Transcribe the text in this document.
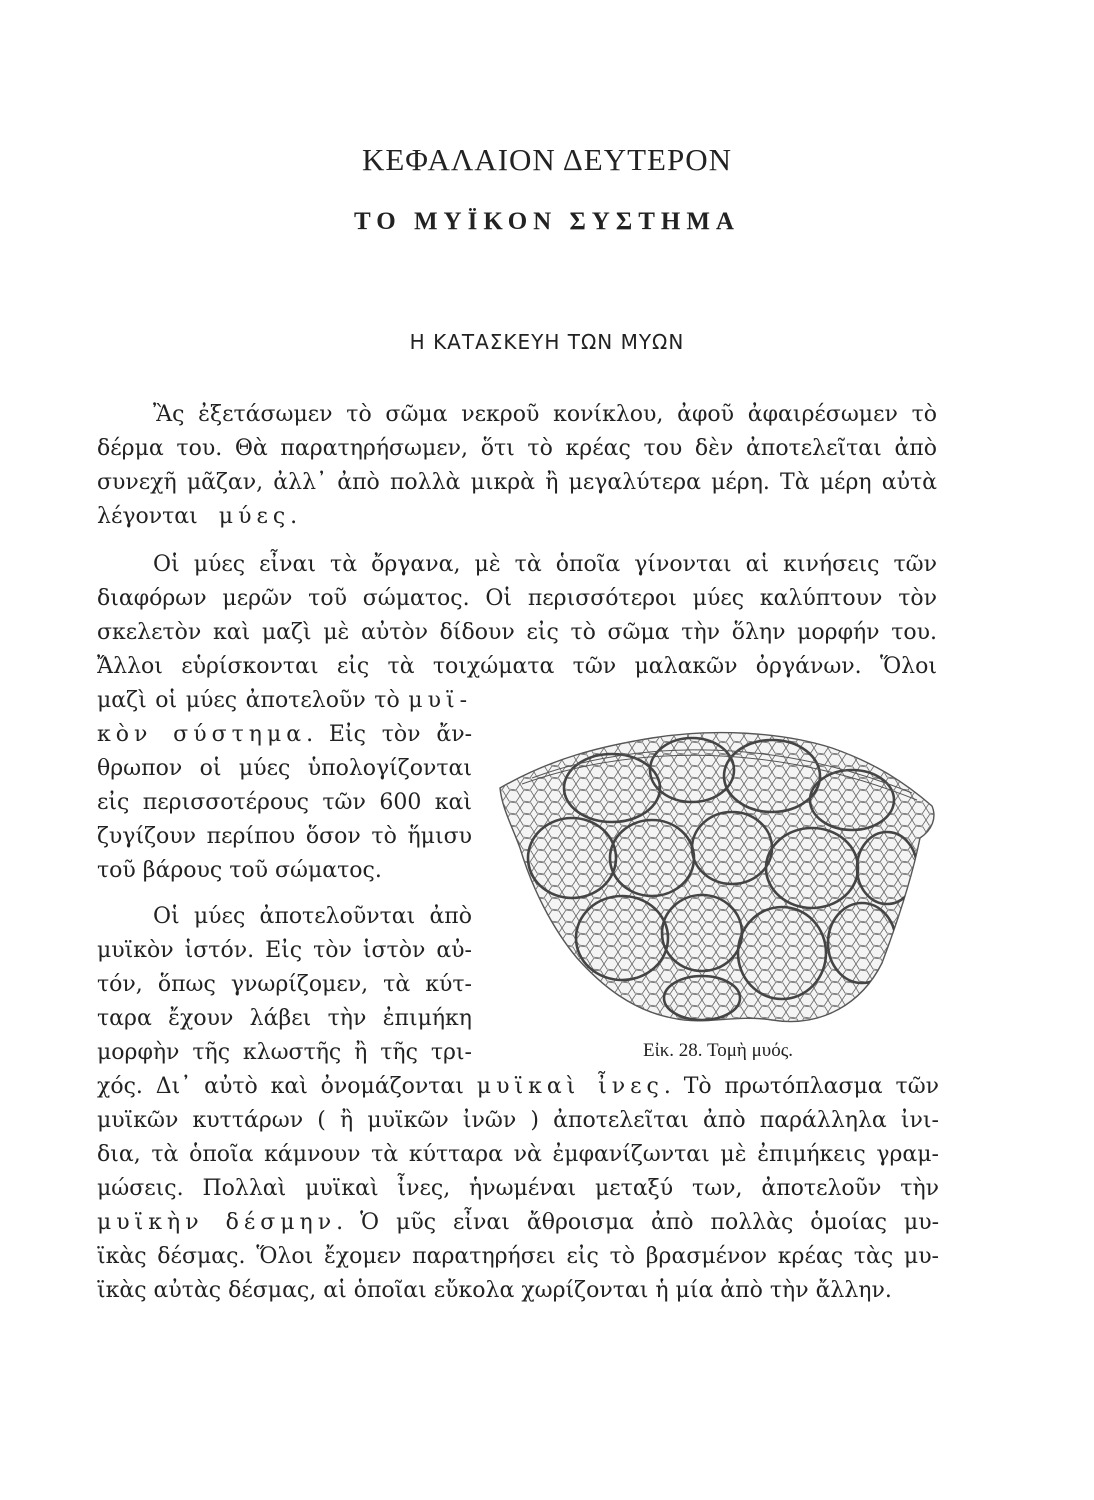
ΚΕΦΑΛΑΙΟΝ ΔΕΥΤΕΡΟΝ
ΤΟ ΜΥΪΚΟΝ ΣΥΣΤΗΜΑ
Η ΚΑΤΑΣΚΕΥΗ ΤΩΝ ΜΥΩΝ
Ἂς ἐξετάσωμεν τὸ σῶμα νεκροῦ κονίκλου, ἀφοῦ ἀφαιρέσωμεν τὸ
δέρμα του. Θὰ παρατηρήσωμεν, ὅτι τὸ κρέας του δὲν ἀποτελεῖται ἀπὸ
συνεχῆ μᾶζαν, ἀλλ᾽ ἀπὸ πολλὰ μικρὰ ἢ μεγαλύτερα μέρη. Τὰ μέρη αὐτὰ
λέγονται   μύες.
Οἱ μύες εἶναι τὰ ὄργανα, μὲ τὰ ὁποῖα γίνονται αἱ κινήσεις τῶν
διαφόρων μερῶν τοῦ σώματος. Οἱ περισσότεροι μύες καλύπτουν τὸν
σκελετὸν καὶ μαζὶ μὲ αὐτὸν δίδουν εἰς τὸ σῶμα τὴν ὅλην μορφήν του.
Ἄλλοι εὑρίσκονται εἰς τὰ τοιχώματα τῶν μαλακῶν ὀργάνων. Ὅλοι
μαζὶ οἱ μύες ἀποτελοῦν τὸ μυϊ-
κὸν σύστημα. Εἰς τὸν ἄν-
θρωπον οἱ μύες ὑπολογίζονται
εἰς περισσοτέρους τῶν 600 καὶ
ζυγίζουν περίπου ὅσον τὸ ἥμισυ
τοῦ βάρους τοῦ σώματος.
Οἱ μύες ἀποτελοῦνται ἀπὸ
μυϊκὸν ἱστόν. Εἰς τὸν ἱστὸν αὐ-
τόν, ὅπως γνωρίζομεν, τὰ κύτ-
ταρα ἔχουν λάβει τὴν ἐπιμήκη
μορφὴν τῆς κλωστῆς ἢ τῆς τρι-
χός. Δι᾽ αὐτὸ καὶ ὀνομάζονται μυϊκαὶ ἶνες. Τὸ πρωτόπλασμα τῶν
μυϊκῶν κυττάρων ( ἢ μυϊκῶν ἰνῶν ) ἀποτελεῖται ἀπὸ παράλληλα ἰνι-
δια, τὰ ὁποῖα κάμνουν τὰ κύτταρα νὰ ἐμφανίζωνται μὲ ἐπιμήκεις γραμ-
μώσεις. Πολλαὶ μυϊκαὶ ἶνες, ἡνωμέναι μεταξύ των, ἀποτελοῦν τὴν
μυϊκὴν δέσμην. Ὁ μῦς εἶναι ἄθροισμα ἀπὸ πολλὰς ὁμοίας μυ-
ϊκὰς δέσμας. Ὅλοι ἔχομεν παρατηρήσει εἰς τὸ βρασμένον κρέας τὰς μυ-
ϊκὰς αὐτὰς δέσμας, αἱ ὁποῖαι εὔκολα χωρίζονται ἡ μία ἀπὸ τὴν ἄλλην.
Εἰκ. 28. Τομὴ μυός.
